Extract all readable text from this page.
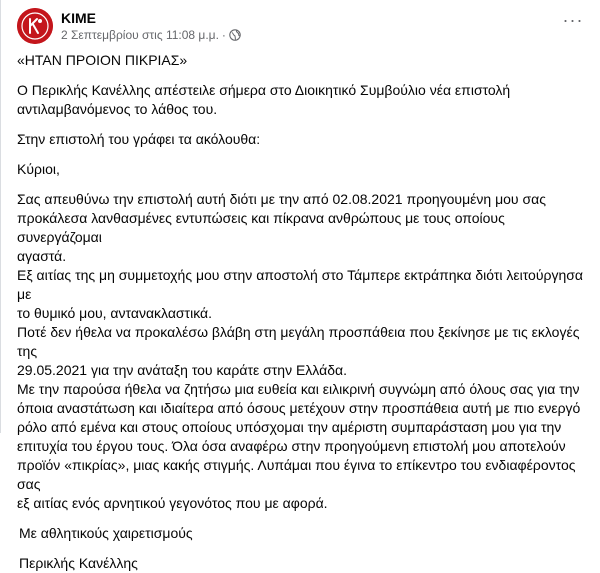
ΚΙΜΕ
2 Σεπτεμβρίου στις 11:08 μ.μ. ·
···

«ΗΤΑΝ ΠΡΟΙΟΝ ΠΙΚΡΙΑΣ»

Ο Περικλής Κανέλλης απέστειλε σήμερα στο Διοικητικό Συμβούλιο νέα επιστολή αντιλαμβανόμενος το λάθος του.

Στην επιστολή του γράφει τα ακόλουθα:

Κύριοι,

Σας απευθύνω την επιστολή αυτή διότι με την από 02.08.2021 προηγουμένη μου σας

προκάλεσα λανθασμένες εντυπώσεις και πίκρανα ανθρώπους με τους οποίους συνεργάζομαι

αγαστά.

Εξ αιτίας της μη συμμετοχής μου στην αποστολή στο Τάμπερε εκτράπηκα διότι λειτούργησα με

το θυμικό μου, αντανακλαστικά.

Ποτέ δεν ήθελα να προκαλέσω βλάβη στη μεγάλη προσπάθεια που ξεκίνησε με τις εκλογές  της

29.05.2021 για την ανάταξη του καράτε στην Ελλάδα.

Με την παρούσα ήθελα να ζητήσω μια ευθεία και ειλικρινή συγνώμη από όλους σας για την

όποια αναστάτωση και ιδιαίτερα από όσους μετέχουν στην προσπάθεια αυτή με πιο ενεργό

ρόλο από εμένα και στους οποίους υπόσχομαι την αμέριστη συμπαράσταση μου για την

επιτυχία του έργου τους. Όλα όσα αναφέρω στην προηγούμενη επιστολή μου αποτελούν

προϊόν «πικρίας», μιας κακής στιγμής. Λυπάμαι που έγινα το επίκεντρο του ενδιαφέροντος σας

εξ αιτίας ενός αρνητικού γεγονότος που με αφορά.

Με αθλητικούς χαιρετισμούς

Περικλής Κανέλλης
